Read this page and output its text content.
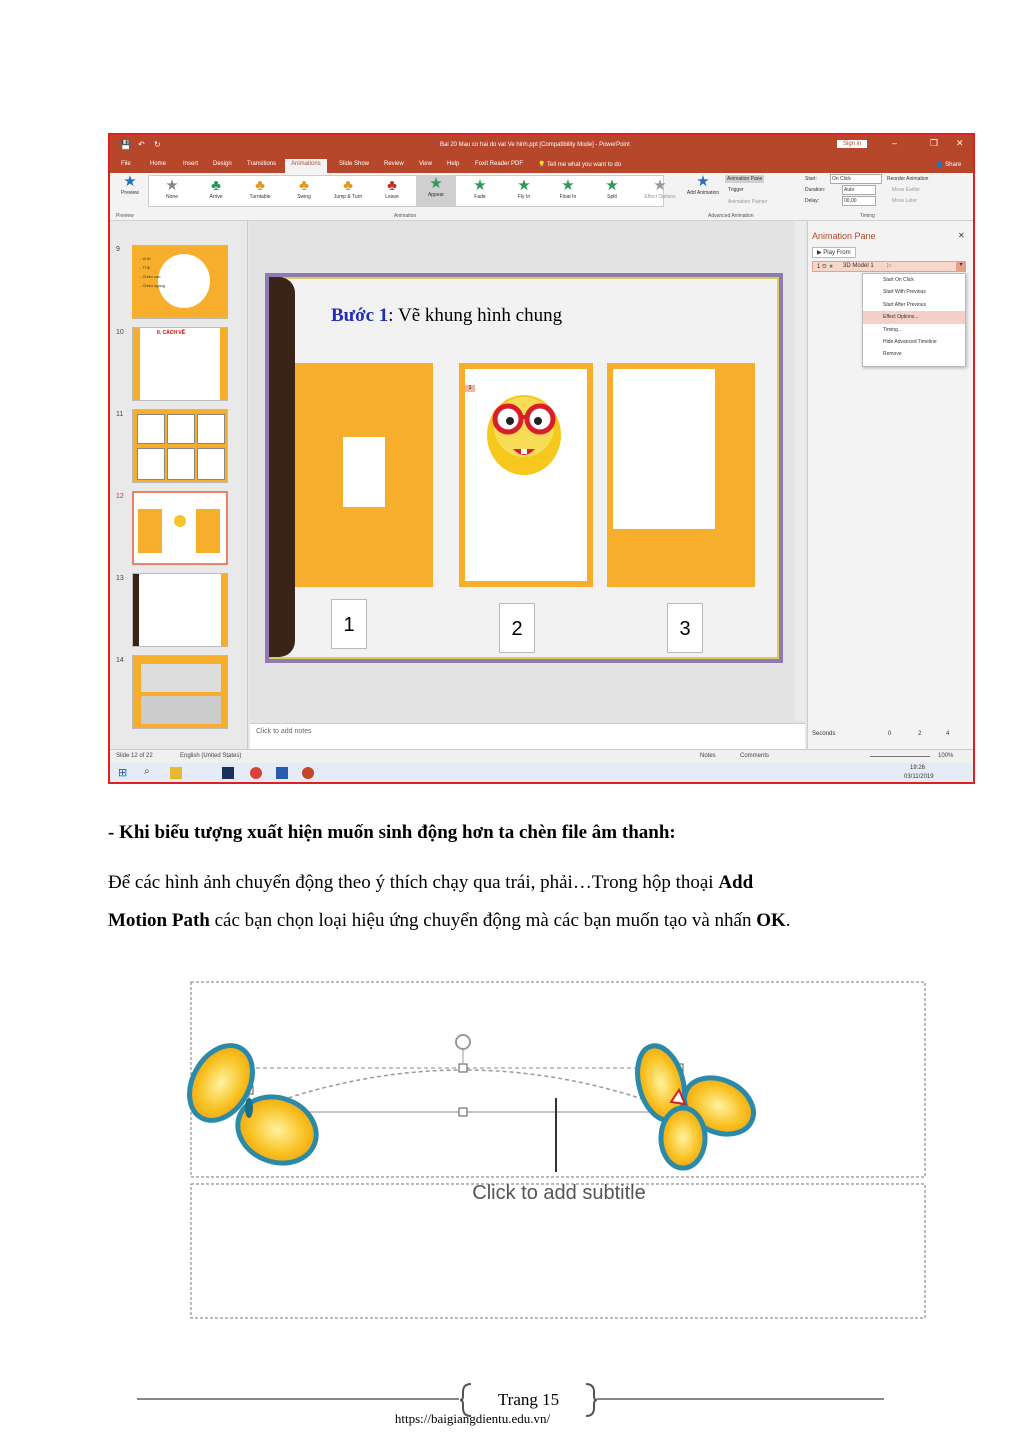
💾 ↶ ↻	Bai 20 Mau co hai do vat Ve hinh.ppt [Compatibility Mode] - PowerPoint	Sign in	–	❐ ✕
File	Home	Insert Design	Transitions	Animations	Slide Show Review	View	Help	Foxit Reader PDF 💡 Tell me what you want to do	👤 Share
★
Preview	★
None
♣
Arrive
♣
Turntable
♣
Swing
♣
Jump & Turn
♣
Leave
★
Appear
★
Fade
★
Fly In
★
Float In
★
Split
★
Effect Options
★
Add Animation
Animation Pane
Trigger
Animation Painter
Start:	On Click
Duration:	Auto
Delay:	00,00
Reorder Animation
Move Earlier
Move Later
Preview	Animation	Advanced Animation	Timing
9
- Vị trí
- Tỉ lệ
- Chiều cao
- Chiều ngang
10	II. CÁCH VẼ
11
12
13
14
Bước 1: Vẽ khung hình chung
1
1	2	3
Click to add notes
Animation Pane	✕
▶ Play From
1 ⏲ ★ 3D Model 1 ▷	▾
Seconds	0	2	4
Start On Click
Start With Previous
Start After Previous
Effect Options...
Timing...
Hide Advanced Timeline
Remove
Slide 12 of 22	English (United States)	Notes	Comments	100%
⊞ ⌕	19:26
03/11/2019
- Khi biểu tượng xuất hiện muốn sinh động hơn ta chèn file âm thanh:
Để các hình ảnh chuyển động theo ý thích chạy qua trái, phải…Trong hộp thoại Add
Motion Path các bạn chọn loại hiệu ứng chuyển động mà các bạn muốn tạo và nhấn OK.
Click to add subtitle
Trang 15
https://baigiangdientu.edu.vn/
